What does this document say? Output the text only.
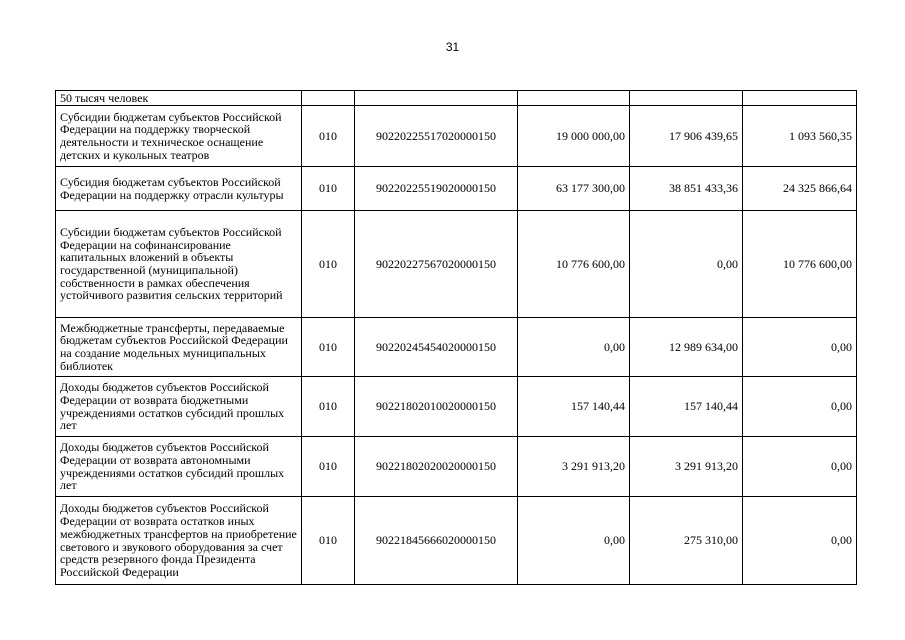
31
50 тысяч человек					
Субсидии бюджетам субъектов Российской Федерации на поддержку творческой деятельности и техническое оснащение детских и кукольных театров	010	90220225517020000150	19 000 000,00	17 906 439,65	1 093 560,35
Субсидия бюджетам субъектов Российской Федерации на поддержку отрасли культуры	010	90220225519020000150	63 177 300,00	38 851 433,36	24 325 866,64
Субсидии бюджетам субъектов Российской Федерации на софинансирование капитальных вложений в объекты государственной (муниципальной) собственности в рамках обеспечения устойчивого развития сельских территорий	010	90220227567020000150	10 776 600,00	0,00	10 776 600,00
Межбюджетные трансферты, передаваемые бюджетам субъектов Российской Федерации на создание модельных муниципальных библиотек	010	90220245454020000150	0,00	12 989 634,00	0,00
Доходы бюджетов субъектов Российской Федерации от возврата бюджетными учреждениями остатков субсидий прошлых лет	010	90221802010020000150	157 140,44	157 140,44	0,00
Доходы бюджетов субъектов Российской Федерации от возврата автономными учреждениями остатков субсидий прошлых лет	010	90221802020020000150	3 291 913,20	3 291 913,20	0,00
Доходы бюджетов субъектов Российской Федерации от возврата остатков иных межбюджетных трансфертов на приобретение светового и звукового оборудования за счет средств резервного фонда Президента Российской Федерации	010	90221845666020000150	0,00	275 310,00	0,00
